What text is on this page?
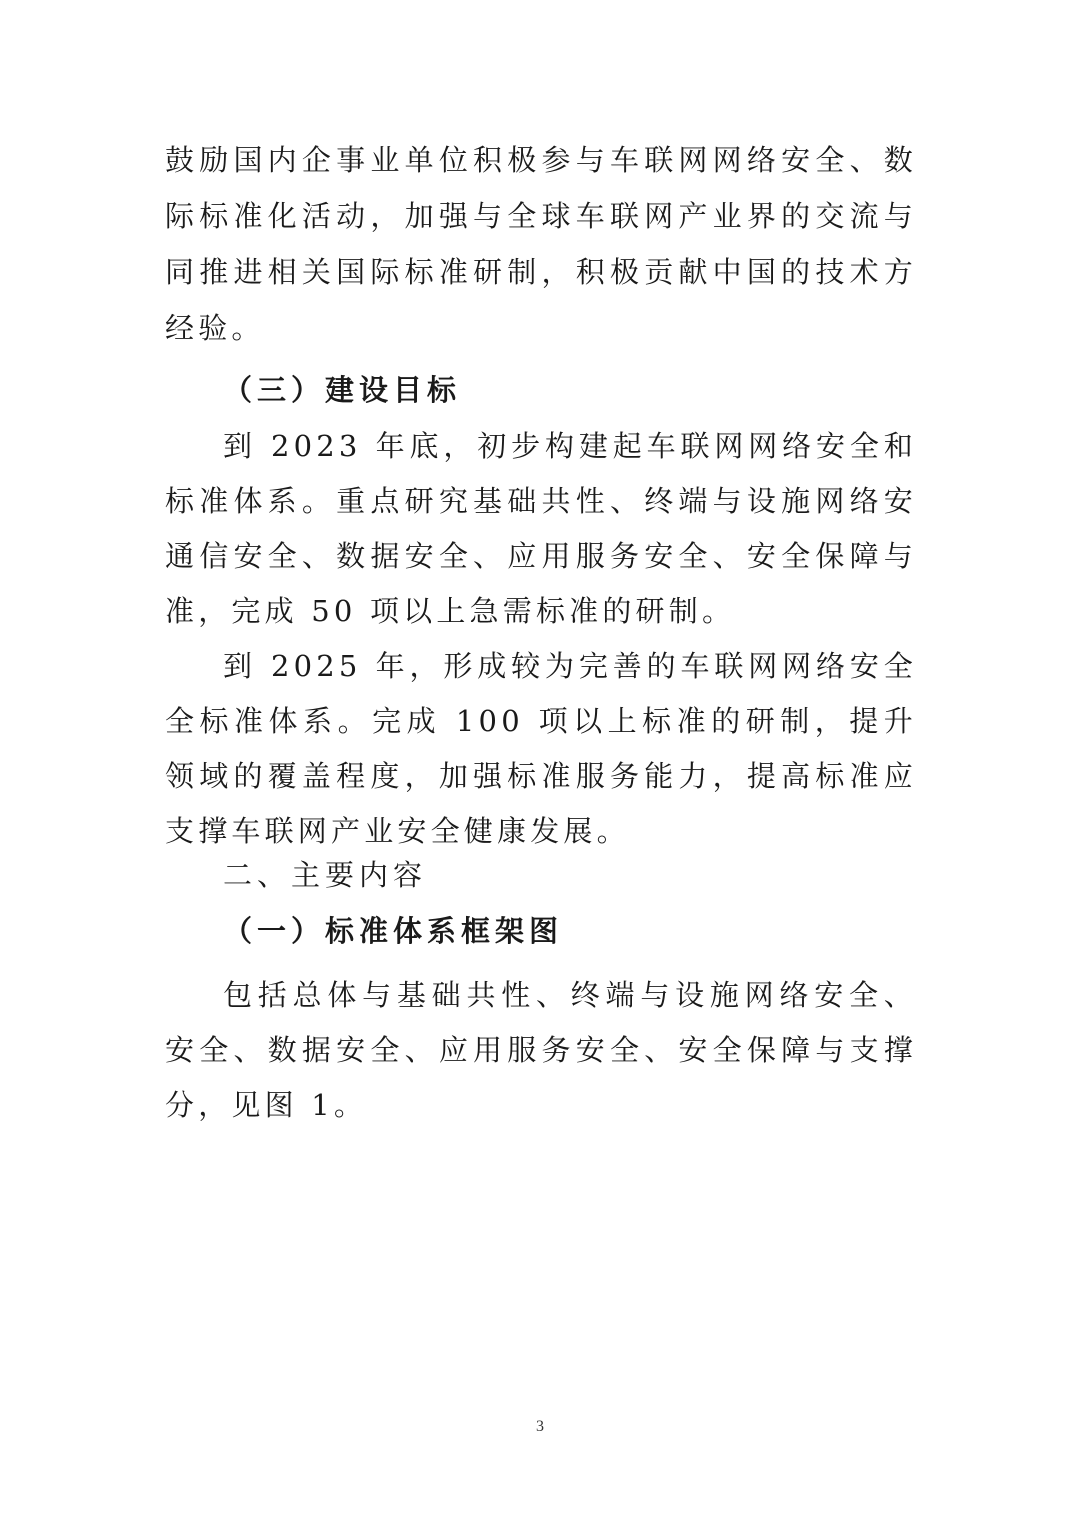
鼓励国内企事业单位积极参与车联网网络安全、数
际标准化活动，加强与全球车联网产业界的交流与
同推进相关国际标准研制，积极贡献中国的技术方
经验。
（三）建设目标
到 2023 年底，初步构建起车联网网络安全和
标准体系。重点研究基础共性、终端与设施网络安
通信安全、数据安全、应用服务安全、安全保障与
准，完成 50 项以上急需标准的研制。
到 2025 年，形成较为完善的车联网网络安全
全标准体系。完成 100 项以上标准的研制，提升
领域的覆盖程度，加强标准服务能力，提高标准应
支撑车联网产业安全健康发展。
二、主要内容
（一）标准体系框架图
包括总体与基础共性、终端与设施网络安全、
安全、数据安全、应用服务安全、安全保障与支撑
分，见图 1。
3
